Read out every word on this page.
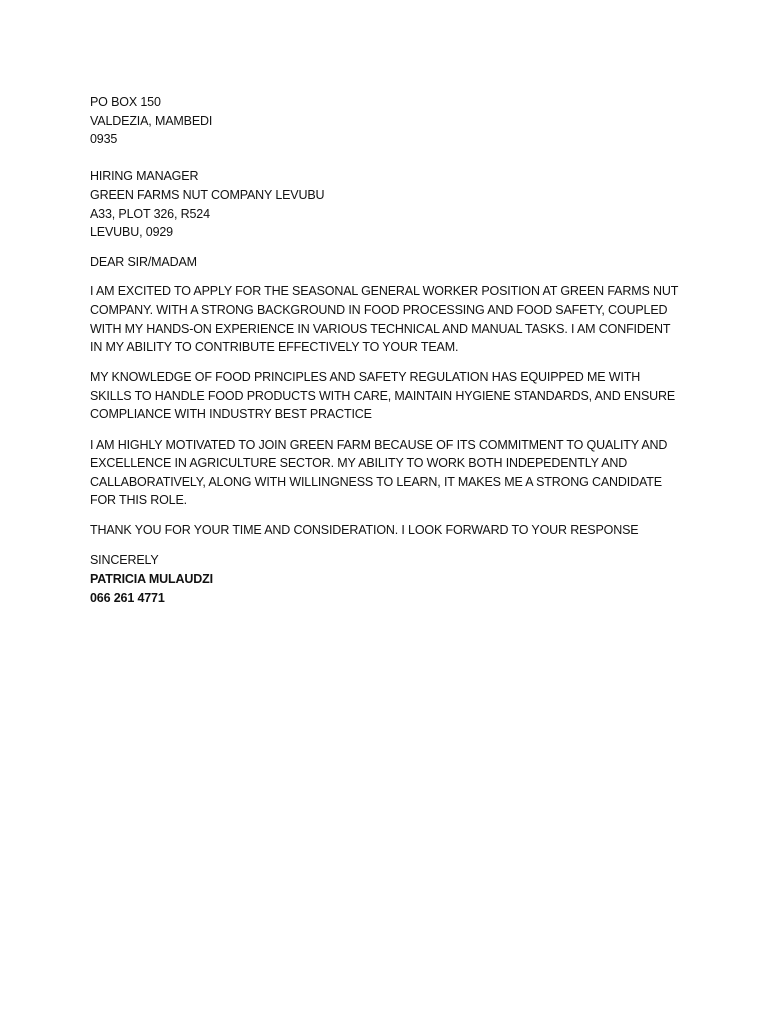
PO BOX 150
VALDEZIA, MAMBEDI
0935
HIRING MANAGER
GREEN FARMS NUT COMPANY LEVUBU
A33, PLOT 326, R524
LEVUBU, 0929
DEAR SIR/MADAM

I AM EXCITED TO APPLY FOR THE SEASONAL GENERAL WORKER POSITION AT GREEN FARMS NUT COMPANY. WITH A STRONG BACKGROUND IN FOOD PROCESSING AND FOOD SAFETY, COUPLED WITH MY HANDS-ON EXPERIENCE IN VARIOUS TECHNICAL AND MANUAL TASKS. I AM CONFIDENT IN MY ABILITY TO CONTRIBUTE EFFECTIVELY TO YOUR TEAM.

MY KNOWLEDGE OF FOOD PRINCIPLES AND SAFETY REGULATION HAS EQUIPPED ME WITH SKILLS TO HANDLE FOOD PRODUCTS WITH CARE, MAINTAIN HYGIENE STANDARDS, AND ENSURE COMPLIANCE WITH INDUSTRY BEST PRACTICE

I AM HIGHLY MOTIVATED TO JOIN GREEN FARM BECAUSE OF ITS COMMITMENT TO QUALITY AND EXCELLENCE IN AGRICULTURE SECTOR. MY ABILITY TO WORK BOTH INDEPEDENTLY AND CALLABORATIVELY, ALONG WITH WILLINGNESS TO LEARN, IT MAKES ME A STRONG CANDIDATE FOR THIS ROLE.

THANK YOU FOR YOUR TIME AND CONSIDERATION. I LOOK FORWARD TO YOUR RESPONSE

SINCERELY
PATRICIA MULAUDZI
066 261 4771
